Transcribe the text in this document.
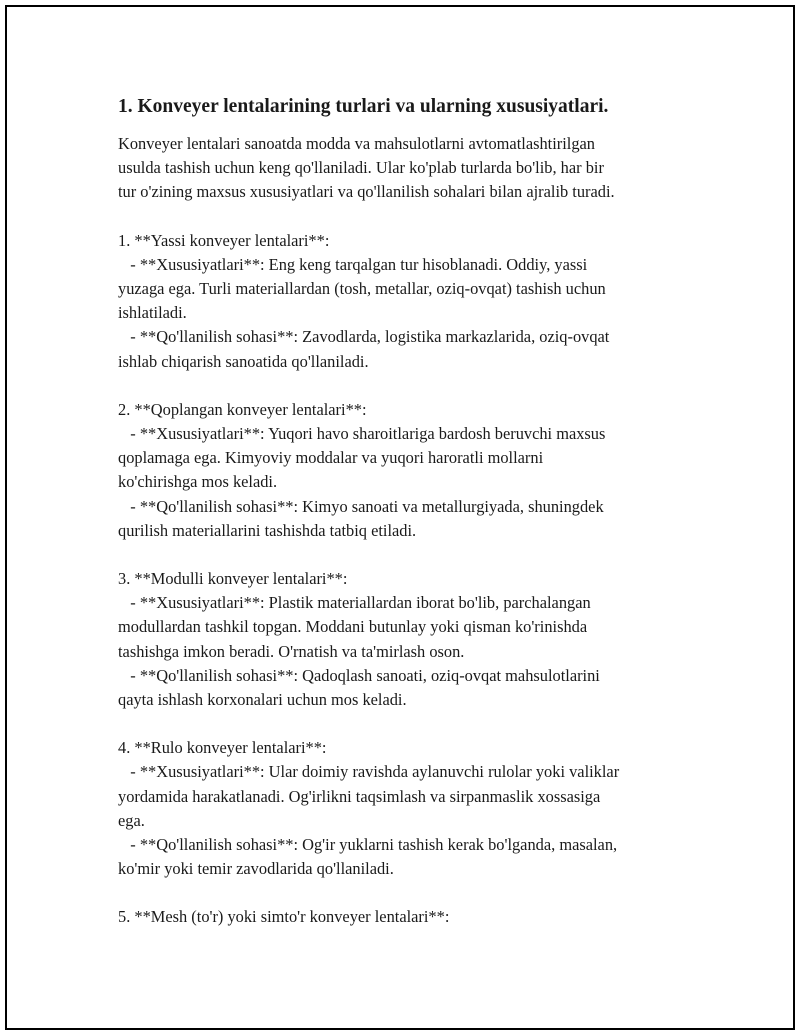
1. Konveyer lentalarining turlari va ularning xususiyatlari.
Konveyer lentalari sanoatda modda va mahsulotlarni avtomatlashtirilgan
usulda tashish uchun keng qo'llaniladi. Ular ko'plab turlarda bo'lib, har bir
tur o'zining maxsus xususiyatlari va qo'llanilish sohalari bilan ajralib turadi.
1. **Yassi konveyer lentalari**:
- **Xususiyatlari**: Eng keng tarqalgan tur hisoblanadi. Oddiy, yassi
yuzaga ega. Turli materiallardan (tosh, metallar, oziq-ovqat) tashish uchun
ishlatiladi.
- **Qo'llanilish sohasi**: Zavodlarda, logistika markazlarida, oziq-ovqat
ishlab chiqarish sanoatida qo'llaniladi.
2. **Qoplangan konveyer lentalari**:
- **Xususiyatlari**: Yuqori havo sharoitlariga bardosh beruvchi maxsus
qoplamaga ega. Kimyoviy moddalar va yuqori haroratli mollarni
ko'chirishga mos keladi.
- **Qo'llanilish sohasi**: Kimyo sanoati va metallurgiyada, shuningdek
qurilish materiallarini tashishda tatbiq etiladi.
3. **Modulli konveyer lentalari**:
- **Xususiyatlari**: Plastik materiallardan iborat bo'lib, parchalangan
modullardan tashkil topgan. Moddani butunlay yoki qisman ko'rinishda
tashishga imkon beradi. O'rnatish va ta'mirlash oson.
- **Qo'llanilish sohasi**: Qadoqlash sanoati, oziq-ovqat mahsulotlarini
qayta ishlash korxonalari uchun mos keladi.
4. **Rulo konveyer lentalari**:
- **Xususiyatlari**: Ular doimiy ravishda aylanuvchi rulolar yoki valiklar
yordamida harakatlanadi. Og'irlikni taqsimlash va sirpanmaslik xossasiga
ega.
- **Qo'llanilish sohasi**: Og'ir yuklarni tashish kerak bo'lganda, masalan,
ko'mir yoki temir zavodlarida qo'llaniladi.
5. **Mesh (to'r) yoki simto'r konveyer lentalari**:
